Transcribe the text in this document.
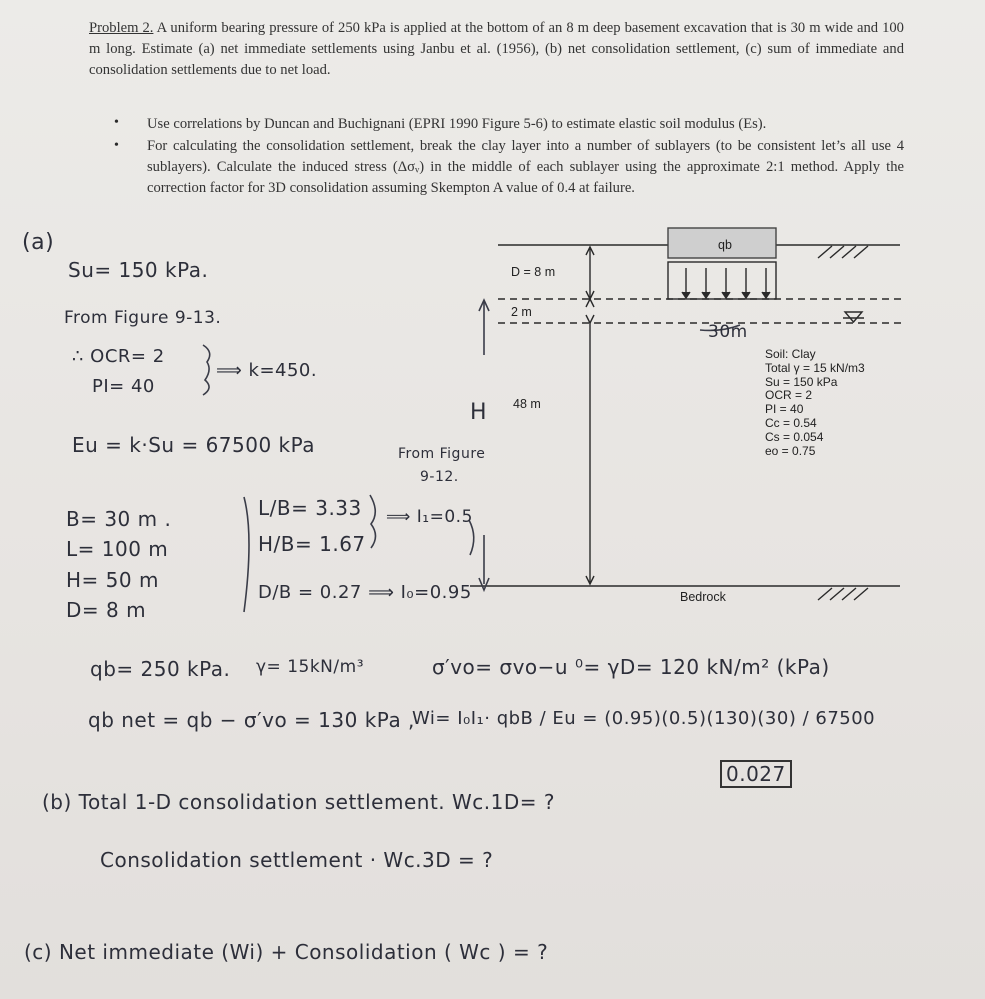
Problem 2. A uniform bearing pressure of 250 kPa is applied at the bottom of an 8 m deep basement excavation that is 30 m wide and 100 m long. Estimate (a) net immediate settlements using Janbu et al. (1956), (b) net consolidation settlement, (c) sum of immediate and consolidation settlements due to net load.
•	Use correlations by Duncan and Buchignani (EPRI 1990 Figure 5-6) to estimate elastic soil modulus (Es).
•	For calculating the consolidation settlement, break the clay layer into a number of sublayers (to be consistent let’s all use 4 sublayers). Calculate the induced stress (Δσᵥ) in the middle of each sublayer using the approximate 2:1 method. Apply the correction factor for 3D consolidation assuming Skempton A value of 0.4 at failure.
qb
D = 8 m
2 m
48 m
Bedrock
30m
H
Soil: Clay
Total γ = 15 kN/m3
Su = 150 kPa
OCR = 2
PI = 40
Cc = 0.54
Cs = 0.054
eo = 0.75
(a)
Su= 150 kPa.
From Figure 9-13.
∴ OCR= 2
PI= 40
⟹ k=450.
Eu = k·Su = 67500 kPa	From Figure
9-12.
B= 30 m .
L= 100 m
H= 50 m
D= 8 m
L/B= 3.33
H/B= 1.67
⟹ I₁=0.5
D/B = 0.27 ⟹ I₀=0.95
qb= 250 kPa. γ= 15kN/m³	σ′vo= σvo−u ⁰= γD= 120 kN/m² (kPa)
qb net = qb − σ′vo = 130 kPa ,
Wi= I₀I₁· qbB / Eu = (0.95)(0.5)(130)(30) / 67500
0.027
(b) Total 1-D consolidation settlement. Wc.1D= ?
Consolidation settlement · Wc.3D = ?
(c) Net immediate (Wi) + Consolidation ( Wc ) = ?
